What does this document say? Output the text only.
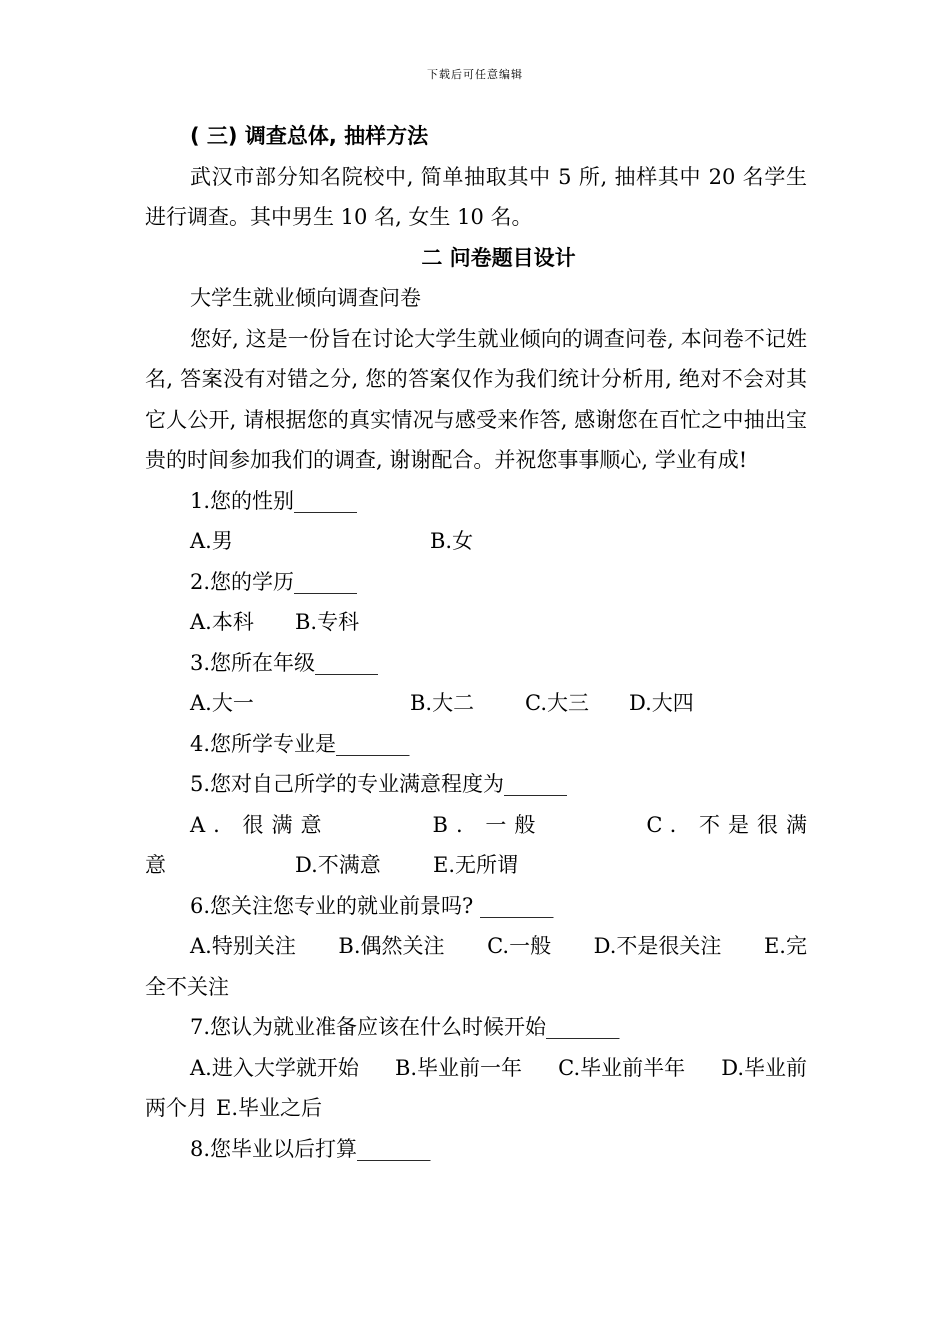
下载后可任意编辑

( 三) 调查总体, 抽样方法

武汉市部分知名院校中, 简单抽取其中 5 所, 抽样其中 20 名学生进行调查。其中男生 10 名, 女生 10 名。

二 问卷题目设计

大学生就业倾向调查问卷

您好, 这是一份旨在讨论大学生就业倾向的调查问卷, 本问卷不记姓名, 答案没有对错之分, 您的答案仅作为我们统计分析用, 绝对不会对其它人公开, 请根据您的真实情况与感受来作答, 感谢您在百忙之中抽出宝贵的时间参加我们的调查, 谢谢配合。并祝您事事顺心, 学业有成!

1.您的性别______

A.男	B.女

2.您的学历______

A.本科	B.专科

3.您所在年级______

A.大一	B.大二	C.大三	D.大四

4.您所学专业是_______

5.您对自己所学的专业满意程度为______

A. 很满意	B. 一般	C. 不是很满

意	D.不满意	E.无所谓

6.您关注您专业的就业前景吗? _______

A.特别关注 B.偶然关注 C.一般 D.不是很关注 E.完

全不关注

7.您认为就业准备应该在什么时候开始_______

A.进入大学就开始 B.毕业前一年 C.毕业前半年 D.毕业前

两个月 E.毕业之后

8.您毕业以后打算_______
